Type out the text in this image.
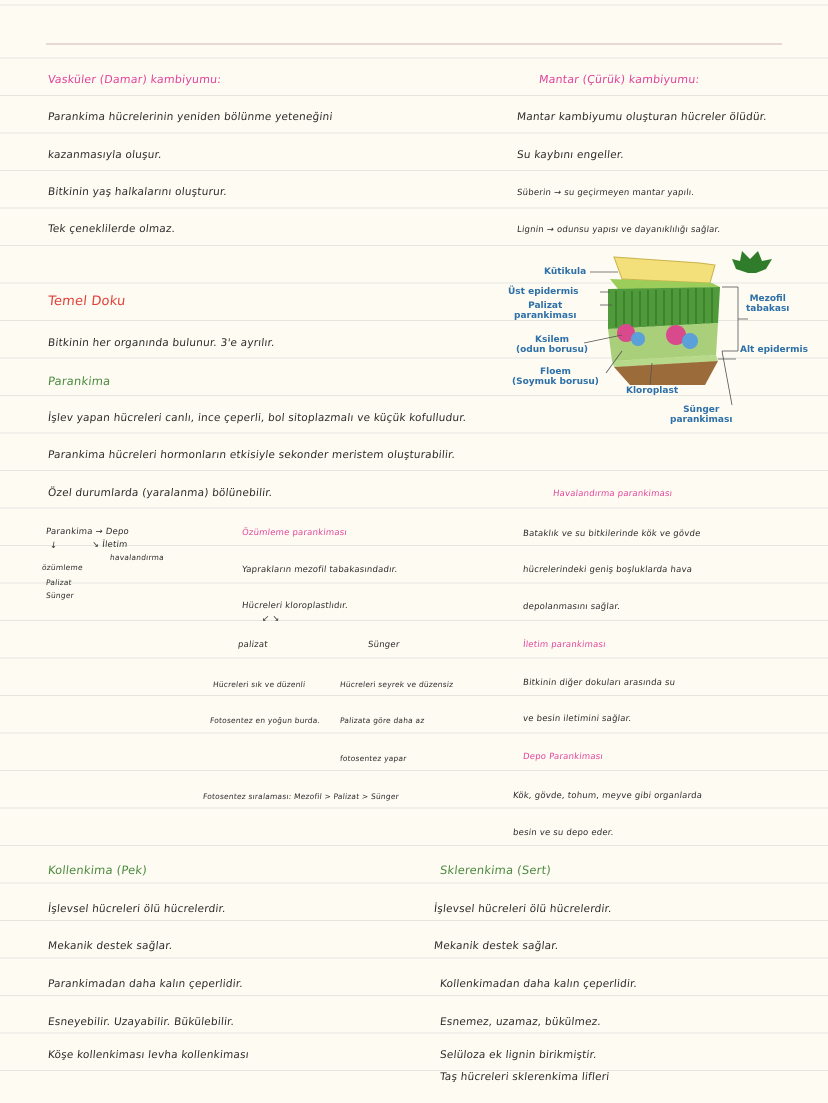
Vasküler (Damar) kambiyumu:
Parankima hücrelerinin yeniden bölünme yeteneğini
kazanmasıyla oluşur.
Bitkinin yaş halkalarını oluşturur.
Tek çeneklilerde olmaz.
Temel Doku
Bitkinin her organında bulunur. 3'e ayrılır.
Parankima
İşlev yapan hücreleri canlı, ince çeperli, bol sitoplazmalı ve küçük kofulludur.
Parankima hücreleri hormonların etkisiyle sekonder meristem oluşturabilir.
Özel durumlarda (yaralanma) bölünebilir.
Parankima → Depo
↘ İletim
havalandırma
↓
özümleme
Palizat
Sünger
Kollenkima (Pek)
İşlevsel hücreleri ölü hücrelerdir.
Mekanik destek sağlar.
Parankimadan daha kalın çeperlidir.
Esneyebilir. Uzayabilir. Bükülebilir.
Köşe kollenkiması levha kollenkiması
Özümleme parankiması
Yaprakların mezofil tabakasındadır.
Hücreleri kloroplastlıdır.
↙ ↘
palizat	Sünger
Hücreleri sık ve düzenli	Hücreleri seyrek ve düzensiz
Fotosentez en yoğun burda.	Palizata göre daha az
fotosentez yapar
Fotosentez sıralaması: Mezofil > Palizat > Sünger
Mantar (Çürük) kambiyumu:
Mantar kambiyumu oluşturan hücreler ölüdür.
Su kaybını engeller.
Süberin → su geçirmeyen mantar yapılı.
Lignin → odunsu yapısı ve dayanıklılığı sağlar.
Havalandırma parankiması
Bataklık ve su bitkilerinde kök ve gövde
hücrelerindeki geniş boşluklarda hava
depolanmasını sağlar.
İletim parankiması
Bitkinin diğer dokuları arasında su
ve besin iletimini sağlar.
Depo Parankiması
Kök, gövde, tohum, meyve gibi organlarda
besin ve su depo eder.
Sklerenkima (Sert)
İşlevsel hücreleri ölü hücrelerdir.
Mekanik destek sağlar.
Kollenkimadan daha kalın çeperlidir.
Esnemez, uzamaz, bükülmez.
Selüloza ek lignin birikmiştir.
Taş hücreleri sklerenkima lifleri
Kütikula
Üst epidermis
Palizat
parankiması
Ksilem
(odun borusu)
Floem
(Soymuk borusu)
Kloroplast
Sünger
parankiması
Mezofil
tabakası
Alt epidermis
